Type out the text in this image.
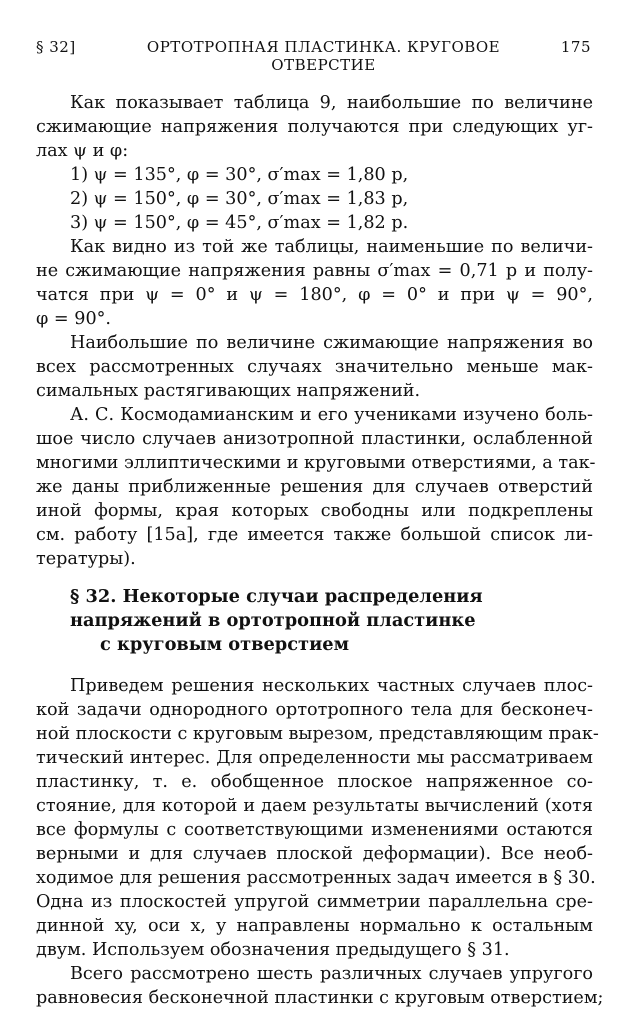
§ 32]	ОРТОТРОПНАЯ ПЛАСТИНКА. КРУГОВОЕ ОТВЕРСТИЕ
175
Как показывает таблица 9, наибольшие по величине
сжимающие напряжения получаются при следующих уг-
лах ψ и φ:
1) ψ = 135°, φ = 30°, σ′max = 1,80 p,
2) ψ = 150°, φ = 30°, σ′max = 1,83 p,
3) ψ = 150°, φ = 45°, σ′max = 1,82 p.
Как видно из той же таблицы, наименьшие по величи-
не сжимающие напряжения равны σ′max = 0,71 p и полу-
чатся при ψ = 0° и ψ = 180°, φ = 0° и при ψ = 90°,
φ = 90°.
Наибольшие по величине сжимающие напряжения во
всех рассмотренных случаях значительно меньше мак-
симальных растягивающих напряжений.
А. С. Космодамианским и его учениками изучено боль-
шое число случаев анизотропной пластинки, ослабленной
многими эллиптическими и круговыми отверстиями, а так-
же даны приближенные решения для случаев отверстий
иной формы, края которых свободны или подкреплены
см. работу [15а], где имеется также большой список ли-
тературы).
§ 32. Некоторые случаи распределения
напряжений в ортотропной пластинке
с круговым отверстием
Приведем решения нескольких частных случаев плос-
кой задачи однородного ортотропного тела для бесконеч-
ной плоскости с круговым вырезом, представляющим прак-
тический интерес. Для определенности мы рассматриваем
пластинку, т. е. обобщенное плоское напряженное со-
стояние, для которой и даем результаты вычислений (хотя
все формулы с соответствующими изменениями остаются
верными и для случаев плоской деформации). Все необ-
ходимое для решения рассмотренных задач имеется в § 30.
Одна из плоскостей упругой симметрии параллельна сре-
динной xy, оси x, y направлены нормально к остальным
двум. Используем обозначения предыдущего § 31.
Всего рассмотрено шесть различных случаев упругого
равновесия бесконечной пластинки с круговым отверстием;
